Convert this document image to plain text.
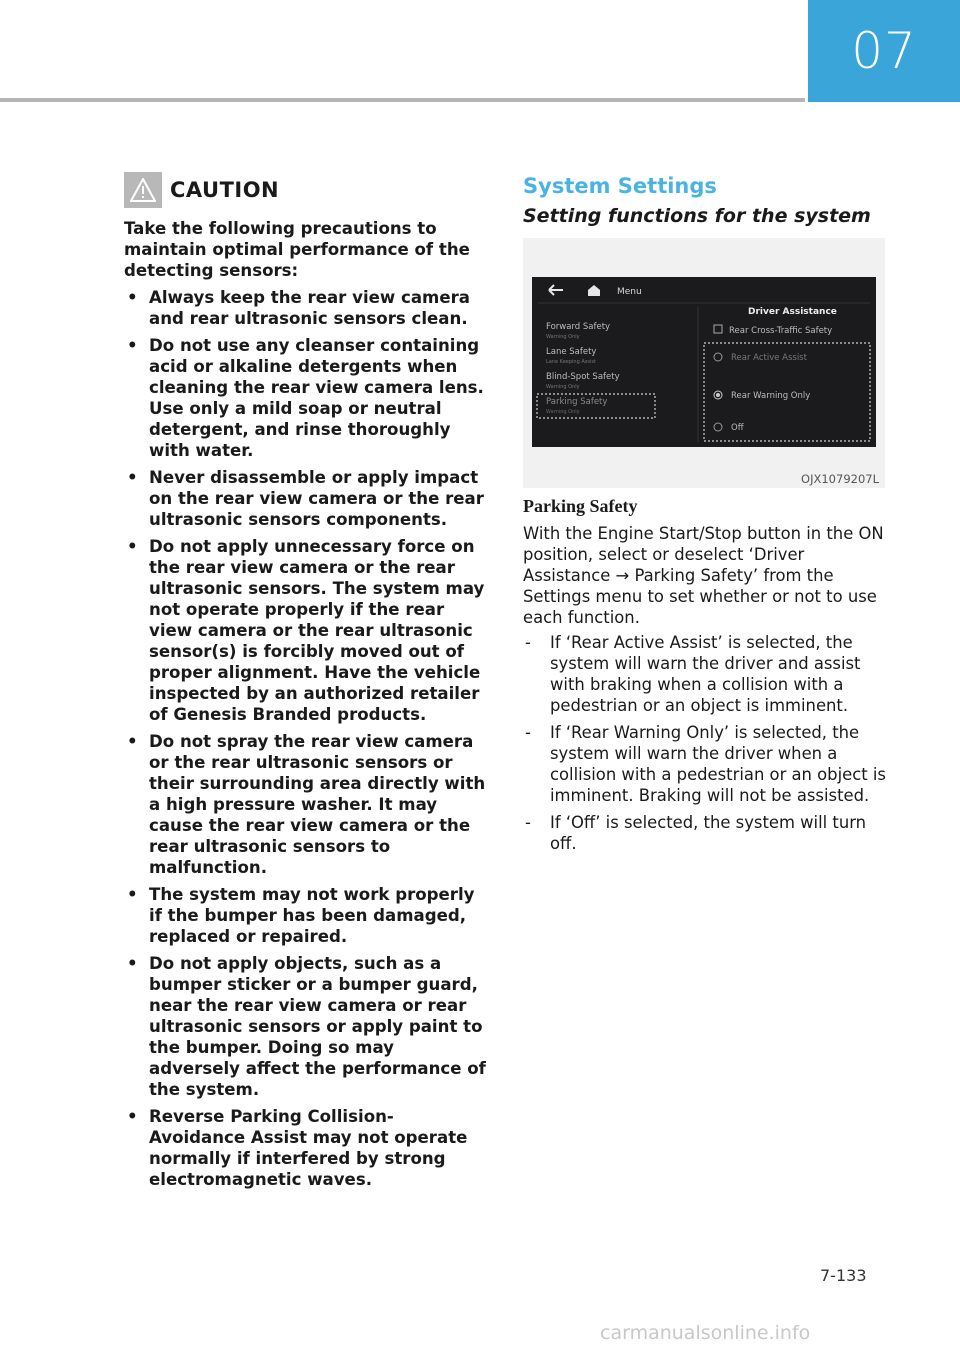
07
CAUTION

Take the following precautions to maintain optimal performance of the detecting sensors:

• Always keep the rear view camera and rear ultrasonic sensors clean.
• Do not use any cleanser containing acid or alkaline detergents when cleaning the rear view camera lens. Use only a mild soap or neutral detergent, and rinse thoroughly with water.
• Never disassemble or apply impact on the rear view camera or the rear ultrasonic sensors components.
• Do not apply unnecessary force on the rear view camera or the rear ultrasonic sensors. The system may not operate properly if the rear view camera or the rear ultrasonic sensor(s) is forcibly moved out of proper alignment. Have the vehicle inspected by an authorized retailer of Genesis Branded products.
• Do not spray the rear view camera or the rear ultrasonic sensors or their surrounding area directly with a high pressure washer. It may cause the rear view camera or the rear ultrasonic sensors to malfunction.
• The system may not work properly if the bumper has been damaged, replaced or repaired.
• Do not apply objects, such as a bumper sticker or a bumper guard, near the rear view camera or rear ultrasonic sensors or apply paint to the bumper. Doing so may adversely affect the performance of the system.
• Reverse Parking Collision-Avoidance Assist may not operate normally if interfered by strong electromagnetic waves.
System Settings
Setting functions for the system
Menu
Forward Safety
Warning Only
Lane Safety
Lane Keeping Assist
Blind-Spot Safety
Warning Only
Parking Safety
Warning Only
Driver Assistance
Rear Cross-Traffic Safety
Rear Active Assist
Rear Warning Only
Off
OJX1079207L
Parking Safety

With the Engine Start/Stop button in the ON position, select or deselect ‘Driver Assistance → Parking Safety’ from the Settings menu to set whether or not to use each function.

- If ‘Rear Active Assist’ is selected, the system will warn the driver and assist with braking when a collision with a pedestrian or an object is imminent.
- If ‘Rear Warning Only’ is selected, the system will warn the driver when a collision with a pedestrian or an object is imminent. Braking will not be assisted.
- If ‘Off’ is selected, the system will turn off.
7-133
carmanualsonline.info
